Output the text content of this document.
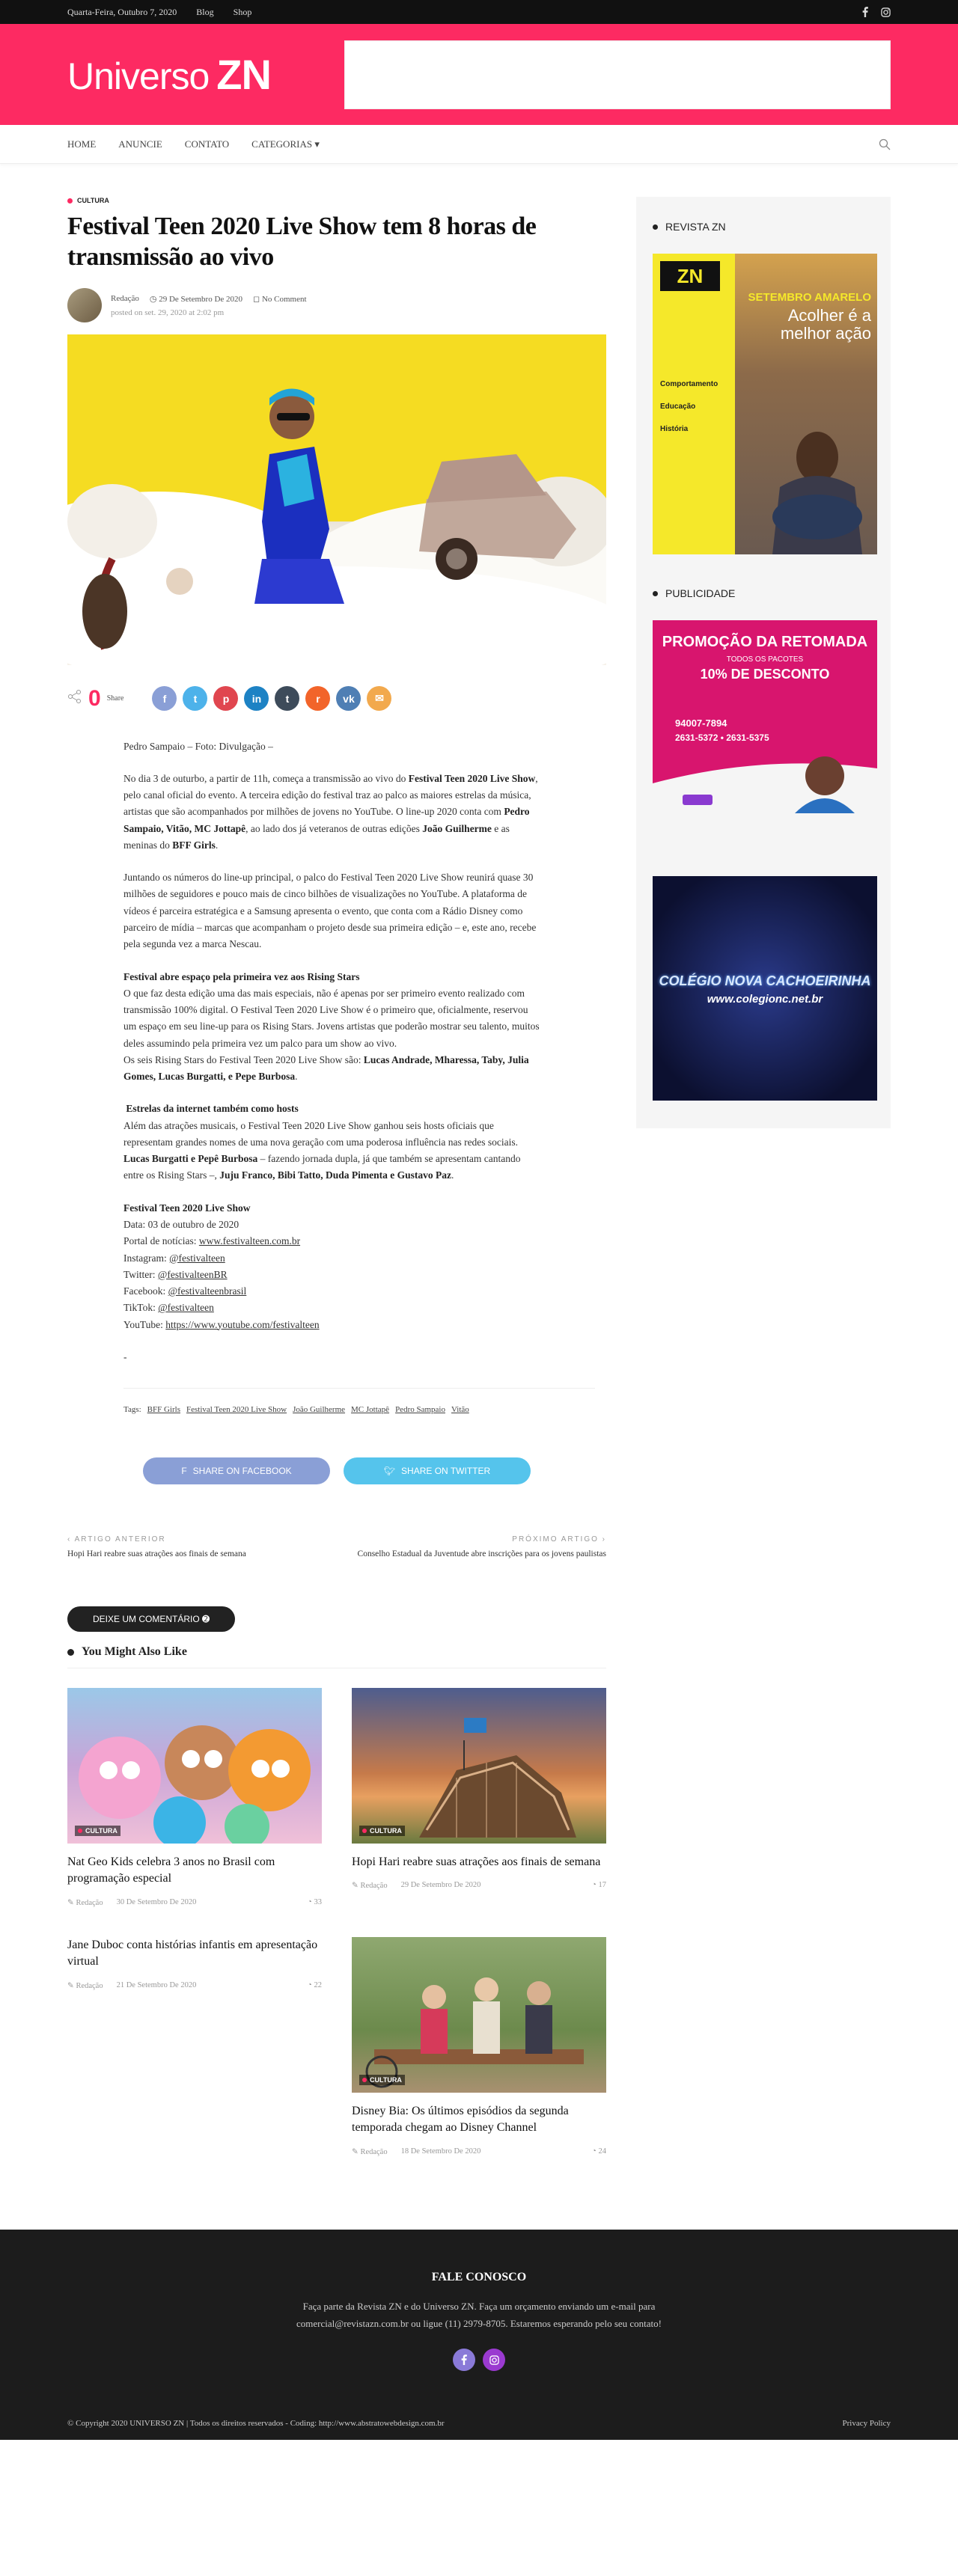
Quarta-Feira, Outubro 7, 2020 Blog Shop
Universo ZN
HOME ANUNCIE CONTATO CATEGORIAS ▾
CULTURA
Festival Teen 2020 Live Show tem 8 horas de transmissão ao vivo
Redação ◷ 29 De Setembro De 2020 ◻ No Comment
posted on set. 29, 2020 at 2:02 pm
0 Share	f	t	p	in	t	r	vk	✉

Pedro Sampaio – Foto: Divulgação –

No dia 3 de outurbo, a partir de 11h, começa a transmissão ao vivo do Festival Teen 2020 Live Show, pelo canal oficial do evento. A terceira edição do festival traz ao palco as maiores estrelas da música, artistas que são acompanhados por milhões de jovens no YouTube. O line-up 2020 conta com Pedro Sampaio, Vitão, MC Jottapê, ao lado dos já veteranos de outras edições João Guilherme e as meninas do BFF Girls.

Juntando os números do line-up principal, o palco do Festival Teen 2020 Live Show reunirá quase 30 milhões de seguidores e pouco mais de cinco bilhões de visualizações no YouTube. A plataforma de vídeos é parceira estratégica e a Samsung apresenta o evento, que conta com a Rádio Disney como parceiro de mídia – marcas que acompanham o projeto desde sua primeira edição – e, este ano, recebe pela segunda vez a marca Nescau.

Festival abre espaço pela primeira vez aos Rising Stars
O que faz desta edição uma das mais especiais, não é apenas por ser primeiro evento realizado com transmissão 100% digital. O Festival Teen 2020 Live Show é o primeiro que, oficialmente, reservou um espaço em seu line-up para os Rising Stars. Jovens artistas que poderão mostrar seu talento, muitos deles assumindo pela primeira vez um palco para um show ao vivo.
Os seis Rising Stars do Festival Teen 2020 Live Show são: Lucas Andrade, Mharessa, Taby, Julia Gomes, Lucas Burgatti, e Pepe Burbosa.

Estrelas da internet também como hosts
Além das atrações musicais, o Festival Teen 2020 Live Show ganhou seis hosts oficiais que representam grandes nomes de uma nova geração com uma poderosa influência nas redes sociais. Lucas Burgatti e Pepê Burbosa – fazendo jornada dupla, já que também se apresentam cantando entre os Rising Stars –, Juju Franco, Bibi Tatto, Duda Pimenta e Gustavo Paz.

Festival Teen 2020 Live Show
Data: 03 de outubro de 2020
Portal de notícias: www.festivalteen.com.br
Instagram: @festivalteen
Twitter: @festivalteenBR
Facebook: @festivalteenbrasil
TikTok: @festivalteen
YouTube: https://www.youtube.com/festivalteen

-

Tags: BFF Girls Festival Teen 2020 Live Show João Guilherme MC Jottapê Pedro Sampaio Vitão
F SHARE ON FACEBOOK	🐦︎ SHARE ON TWITTER
‹ ARTIGO ANTERIOR
Hopi Hari reabre suas atrações aos finais de semana
PRÓXIMO ARTIGO ›
Conselho Estadual da Juventude abre inscrições para os jovens paulistas
DEIXE UM COMENTÁRIO ➋
You Might Also Like
CULTURA
Nat Geo Kids celebra 3 anos no Brasil com programação especial
✎ Redação 30 De Setembro De 2020	◔ 33
CULTURA
Hopi Hari reabre suas atrações aos finais de semana
✎ Redação 29 De Setembro De 2020	◔ 17
Jane Duboc conta histórias infantis em apresentação virtual
✎ Redação 21 De Setembro De 2020	◔ 22
CULTURA
Disney Bia: Os últimos episódios da segunda temporada chegam ao Disney Channel
✎ Redação 18 De Setembro De 2020	◔ 24
REVISTA ZN
ZN
SETEMBRO AMARELO
Acolher é a melhor ação
Comportamento
Educação
História
PUBLICIDADE
PROMOÇÃO DA RETOMADA
TODOS OS PACOTES
10% DE DESCONTO
94007-7894
2631-5372 • 2631-5375
COLÉGIO NOVA CACHOEIRINHA
www.colegionc.net.br
FALE CONOSCO

Faça parte da Revista ZN e do Universo ZN. Faça um orçamento enviando um e-mail para comercial@revistazn.com.br ou ligue (11) 2979-8705. Estaremos esperando pelo seu contato!

© Copyright 2020 UNIVERSO ZN | Todos os direitos reservados - Coding: http://www.abstratowebdesign.com.br	Privacy Policy
